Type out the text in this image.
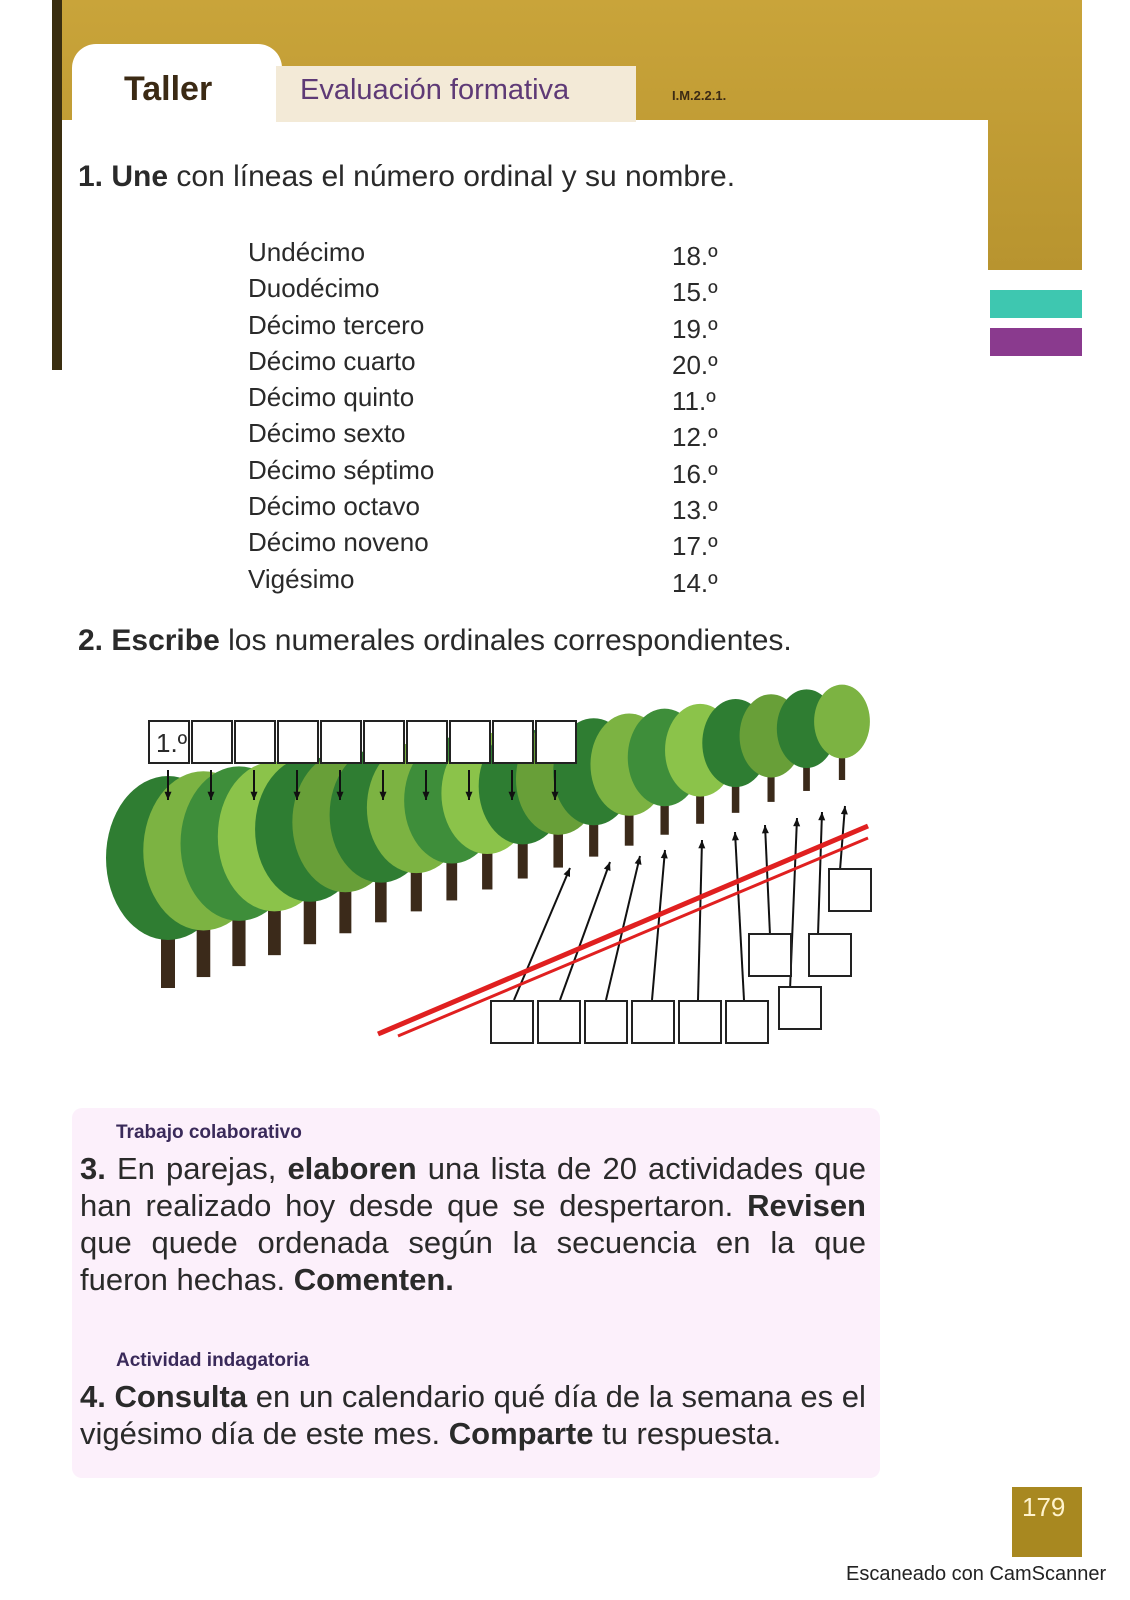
Taller	Evaluación formativa	I.M.2.2.1.
1. Une con líneas el número ordinal y su nombre.
Undécimo
Duodécimo
Décimo tercero
Décimo cuarto
Décimo quinto
Décimo sexto
Décimo séptimo
Décimo octavo
Décimo noveno
Vigésimo
18.º
15.º
19.º
20.º
11.º
12.º
16.º
13.º
17.º
14.º
2. Escribe los numerales ordinales correspondientes.
1.º
Trabajo colaborativo
3. En parejas, elaboren una lista de 20 actividades que han realizado hoy desde que se despertaron. Revisen que quede ordenada según la secuencia en la que fueron hechas. Comenten.
Actividad indagatoria
4. Consulta en un calendario qué día de la semana es el vigésimo día de este mes. Comparte tu respuesta.
179
Escaneado con CamScanner
